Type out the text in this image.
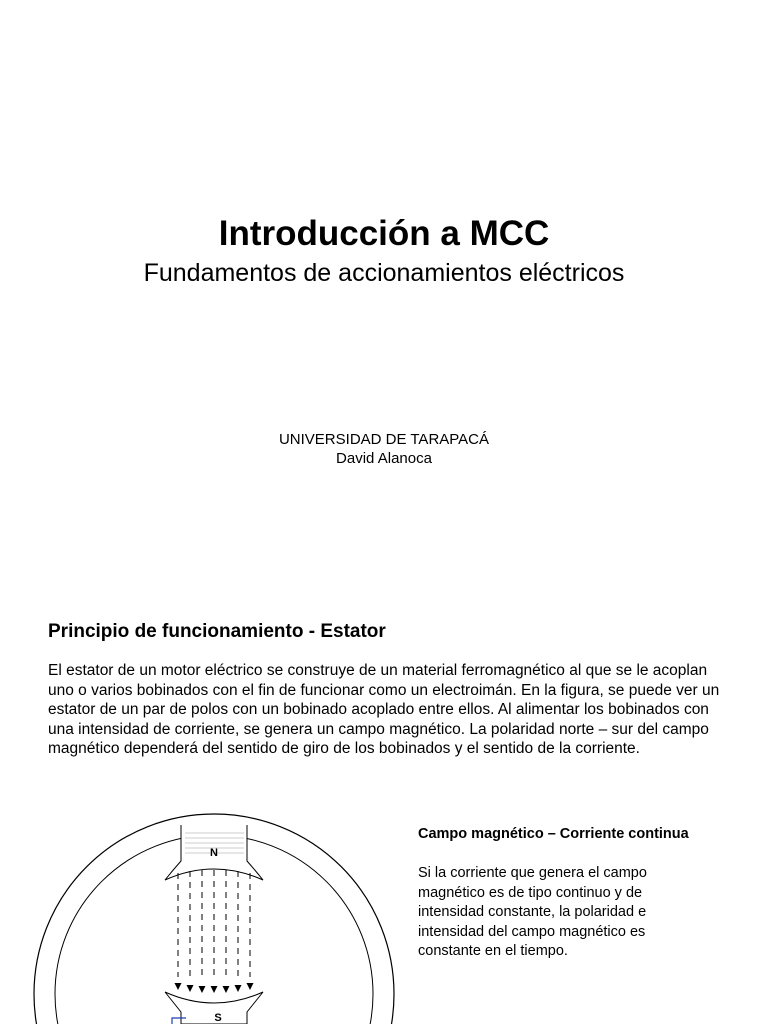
Introducción a MCC
Fundamentos de accionamientos eléctricos
UNIVERSIDAD DE TARAPACÁ
David Alanoca
Principio de funcionamiento - Estator
El estator de un motor eléctrico se construye de un material ferromagnético al que se le acoplan uno o varios bobinados con el fin de funcionar como un electroimán. En la figura, se puede ver un estator de un par de polos con un bobinado acoplado entre ellos. Al alimentar los bobinados con una intensidad de corriente, se genera un campo magnético. La polaridad norte – sur del campo magnético dependerá del sentido de giro de los bobinados y el sentido de la corriente.
N
S
Campo magnético – Corriente continua
Si la corriente que genera el campo magnético es de tipo continuo y de intensidad constante, la polaridad e intensidad del campo magnético es constante en el tiempo.
